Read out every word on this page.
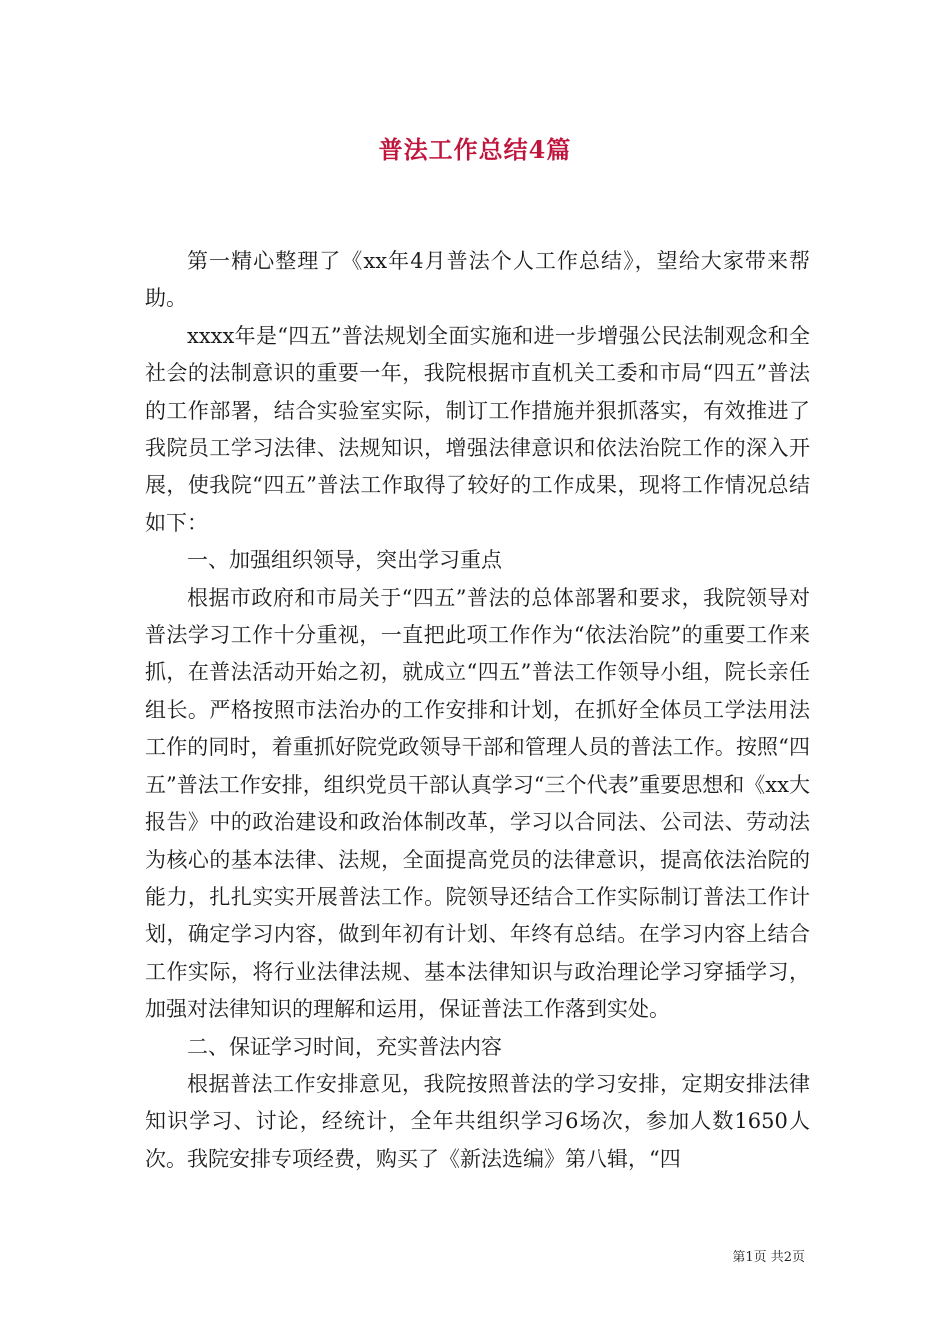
普法工作总结4篇

第一精心整理了《xx年4月普法个人工作总结》，望给大家带来帮助。

xxxx年是“四五”普法规划全面实施和进一步增强公民法制观念和全社会的法制意识的重要一年，我院根据市直机关工委和市局“四五”普法的工作部署，结合实验室实际，制订工作措施并狠抓落实，有效推进了我院员工学习法律、法规知识，增强法律意识和依法治院工作的深入开展，使我院“四五”普法工作取得了较好的工作成果，现将工作情况总结如下：

一、加强组织领导，突出学习重点

根据市政府和市局关于“四五”普法的总体部署和要求，我院领导对普法学习工作十分重视，一直把此项工作作为“依法治院”的重要工作来抓，在普法活动开始之初，就成立“四五”普法工作领导小组，院长亲任组长。严格按照市法治办的工作安排和计划，在抓好全体员工学法用法工作的同时，着重抓好院党政领导干部和管理人员的普法工作。按照“四五”普法工作安排，组织党员干部认真学习“三个代表”重要思想和《xx大报告》中的政治建设和政治体制改革，学习以合同法、公司法、劳动法为核心的基本法律、法规，全面提高党员的法律意识，提高依法治院的能力，扎扎实实开展普法工作。院领导还结合工作实际制订普法工作计划，确定学习内容，做到年初有计划、年终有总结。在学习内容上结合工作实际，将行业法律法规、基本法律知识与政治理论学习穿插学习，加强对法律知识的理解和运用，保证普法工作落到实处。

二、保证学习时间，充实普法内容

根据普法工作安排意见，我院按照普法的学习安排，定期安排法律知识学习、讨论，经统计，全年共组织学习6场次，参加人数1650人次。我院安排专项经费，购买了《新法选编》第八辑，“四

第1页 共2页
